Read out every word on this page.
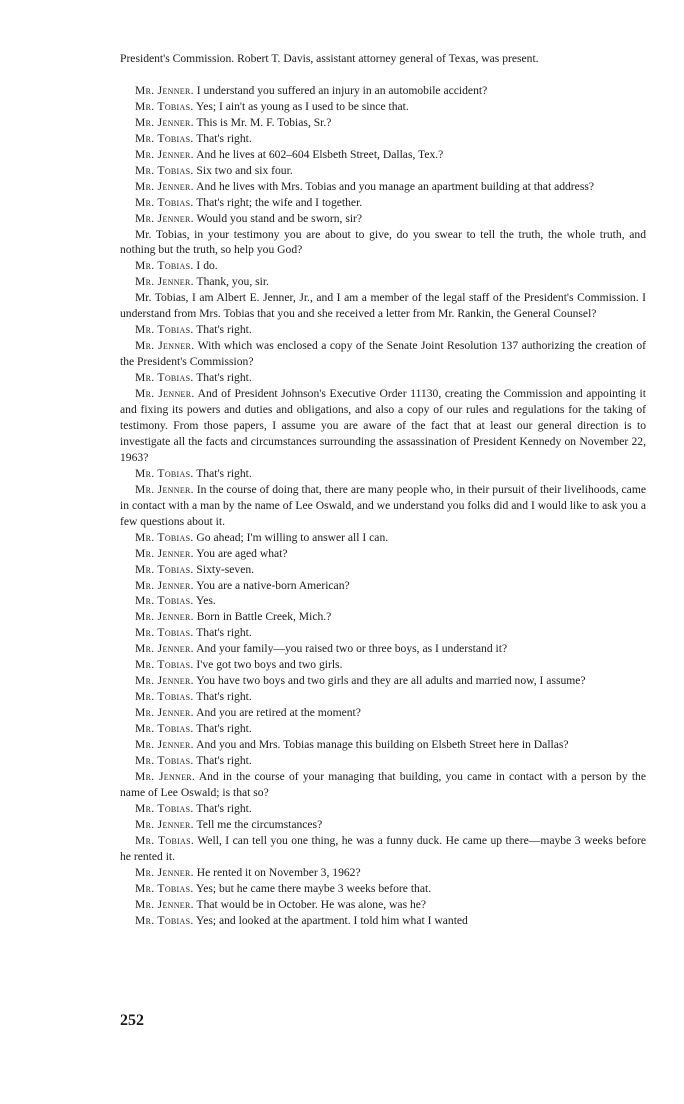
President's Commission. Robert T. Davis, assistant attorney general of Texas, was present.

Mr. Jenner. I understand you suffered an injury in an automobile accident?

Mr. Tobias. Yes; I ain't as young as I used to be since that.

Mr. Jenner. This is Mr. M. F. Tobias, Sr.?

Mr. Tobias. That's right.

Mr. Jenner. And he lives at 602–604 Elsbeth Street, Dallas, Tex.?

Mr. Tobias. Six two and six four.

Mr. Jenner. And he lives with Mrs. Tobias and you manage an apartment building at that address?

Mr. Tobias. That's right; the wife and I together.

Mr. Jenner. Would you stand and be sworn, sir?

Mr. Tobias, in your testimony you are about to give, do you swear to tell the truth, the whole truth, and nothing but the truth, so help you God?

Mr. Tobias. I do.

Mr. Jenner. Thank, you, sir.

Mr. Tobias, I am Albert E. Jenner, Jr., and I am a member of the legal staff of the President's Commission. I understand from Mrs. Tobias that you and she received a letter from Mr. Rankin, the General Counsel?

Mr. Tobias. That's right.

Mr. Jenner. With which was enclosed a copy of the Senate Joint Resolution 137 authorizing the creation of the President's Commission?

Mr. Tobias. That's right.

Mr. Jenner. And of President Johnson's Executive Order 11130, creating the Commission and appointing it and fixing its powers and duties and obligations, and also a copy of our rules and regulations for the taking of testimony. From those papers, I assume you are aware of the fact that at least our general direction is to investigate all the facts and circumstances surrounding the assassination of President Kennedy on November 22, 1963?

Mr. Tobias. That's right.

Mr. Jenner. In the course of doing that, there are many people who, in their pursuit of their livelihoods, came in contact with a man by the name of Lee Oswald, and we understand you folks did and I would like to ask you a few questions about it.

Mr. Tobias. Go ahead; I'm willing to answer all I can.

Mr. Jenner. You are aged what?

Mr. Tobias. Sixty-seven.

Mr. Jenner. You are a native-born American?

Mr. Tobias. Yes.

Mr. Jenner. Born in Battle Creek, Mich.?

Mr. Tobias. That's right.

Mr. Jenner. And your family—you raised two or three boys, as I understand it?

Mr. Tobias. I've got two boys and two girls.

Mr. Jenner. You have two boys and two girls and they are all adults and married now, I assume?

Mr. Tobias. That's right.

Mr. Jenner. And you are retired at the moment?

Mr. Tobias. That's right.

Mr. Jenner. And you and Mrs. Tobias manage this building on Elsbeth Street here in Dallas?

Mr. Tobias. That's right.

Mr. Jenner. And in the course of your managing that building, you came in contact with a person by the name of Lee Oswald; is that so?

Mr. Tobias. That's right.

Mr. Jenner. Tell me the circumstances?

Mr. Tobias. Well, I can tell you one thing, he was a funny duck. He came up there—maybe 3 weeks before he rented it.

Mr. Jenner. He rented it on November 3, 1962?

Mr. Tobias. Yes; but he came there maybe 3 weeks before that.

Mr. Jenner. That would be in October. He was alone, was he?

Mr. Tobias. Yes; and looked at the apartment. I told him what I wanted

252
